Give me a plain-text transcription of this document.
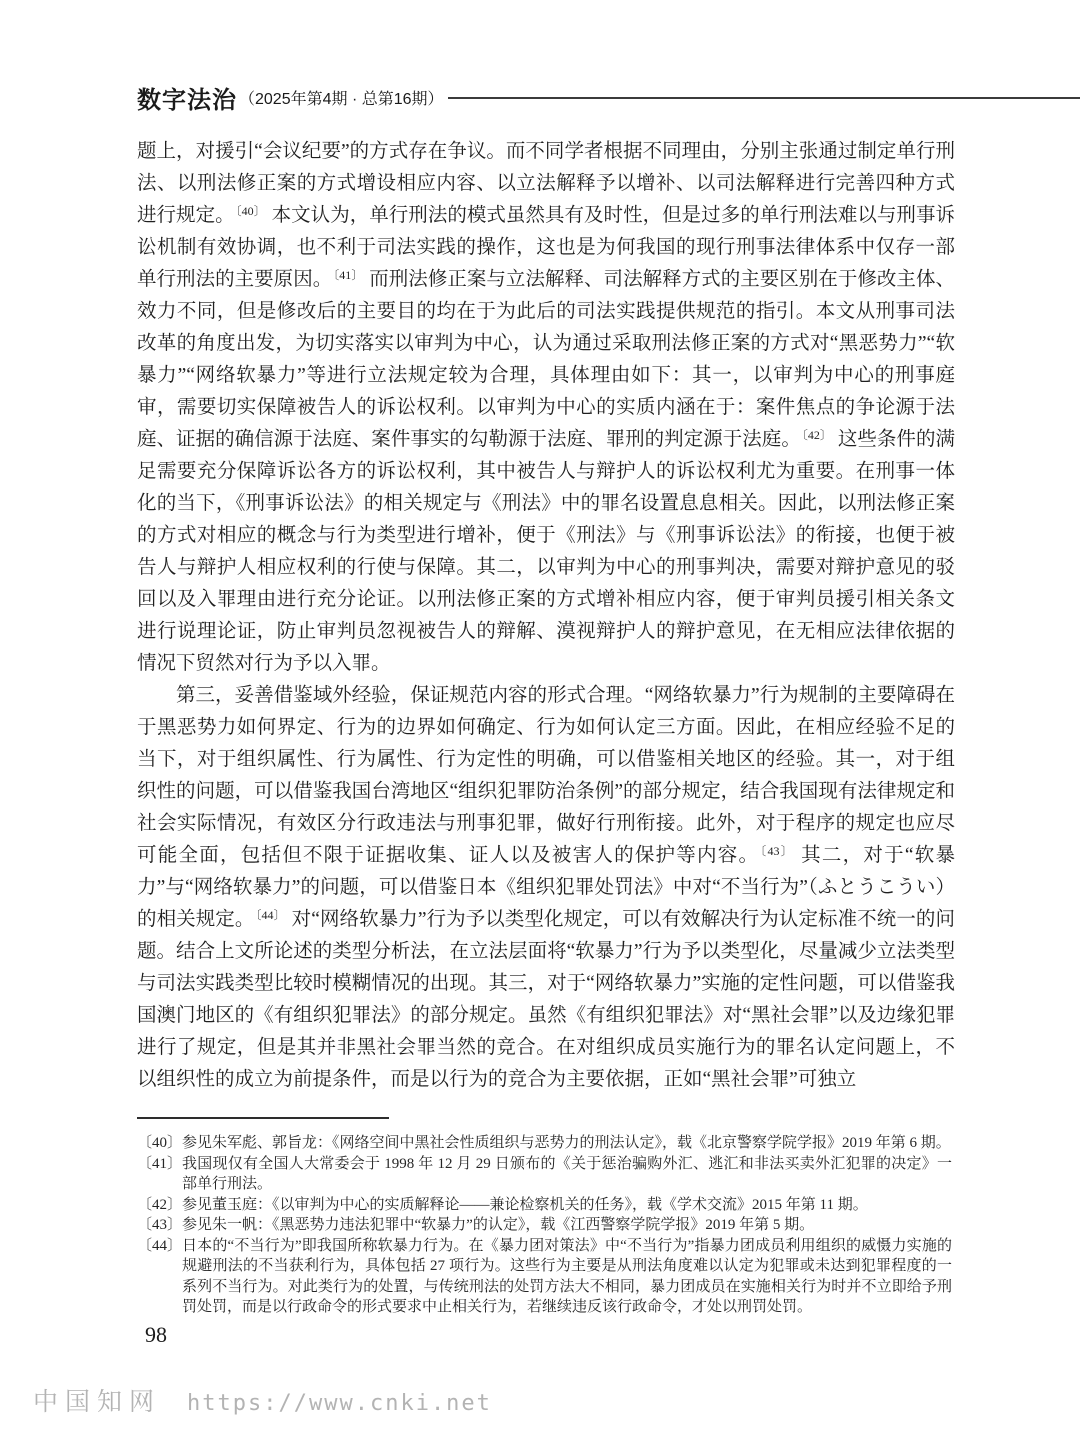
数字法治 （2025年第4期 · 总第16期）

题上，对援引“会议纪要”的方式存在争议。而不同学者根据不同理由，分别主张通过制定单行刑法、以刑法修正案的方式增设相应内容、以立法解释予以增补、以司法解释进行完善四种方式进行规定。$^{〔40〕}$ 本文认为，单行刑法的模式虽然具有及时性，但是过多的单行刑法难以与刑事诉讼机制有效协调，也不利于司法实践的操作，这也是为何我国的现行刑事法律体系中仅存一部单行刑法的主要原因。$^{〔41〕}$ 而刑法修正案与立法解释、司法解释方式的主要区别在于修改主体、效力不同，但是修改后的主要目的均在于为此后的司法实践提供规范的指引。本文从刑事司法改革的角度出发，为切实落实以审判为中心，认为通过采取刑法修正案的方式对“黑恶势力”“软暴力”“网络软暴力”等进行立法规定较为合理，具体理由如下：其一，以审判为中心的刑事庭审，需要切实保障被告人的诉讼权利。以审判为中心的实质内涵在于：案件焦点的争论源于法庭、证据的确信源于法庭、案件事实的勾勒源于法庭、罪刑的判定源于法庭。$^{〔42〕}$ 这些条件的满足需要充分保障诉讼各方的诉讼权利，其中被告人与辩护人的诉讼权利尤为重要。在刑事一体化的当下，《刑事诉讼法》的相关规定与《刑法》中的罪名设置息息相关。因此，以刑法修正案的方式对相应的概念与行为类型进行增补，便于《刑法》与《刑事诉讼法》的衔接，也便于被告人与辩护人相应权利的行使与保障。其二，以审判为中心的刑事判决，需要对辩护意见的驳回以及入罪理由进行充分论证。以刑法修正案的方式增补相应内容，便于审判员援引相关条文进行说理论证，防止审判员忽视被告人的辩解、漠视辩护人的辩护意见，在无相应法律依据的情况下贸然对行为予以入罪。

第三，妥善借鉴域外经验，保证规范内容的形式合理。“网络软暴力”行为规制的主要障碍在于黑恶势力如何界定、行为的边界如何确定、行为如何认定三方面。因此，在相应经验不足的当下，对于组织属性、行为属性、行为定性的明确，可以借鉴相关地区的经验。其一，对于组织性的问题，可以借鉴我国台湾地区“组织犯罪防治条例”的部分规定，结合我国现有法律规定和社会实际情况，有效区分行政违法与刑事犯罪，做好行刑衔接。此外，对于程序的规定也应尽可能全面，包括但不限于证据收集、证人以及被害人的保护等内容。$^{〔43〕}$ 其二，对于“软暴力”与“网络软暴力”的问题，可以借鉴日本《组织犯罪处罚法》中对“不当行为”（ふとうこうい）的相关规定。$^{〔44〕}$ 对“网络软暴力”行为予以类型化规定，可以有效解决行为认定标准不统一的问题。结合上文所论述的类型分析法，在立法层面将“软暴力”行为予以类型化，尽量减少立法类型与司法实践类型比较时模糊情况的出现。其三，对于“网络软暴力”实施的定性问题，可以借鉴我国澳门地区的《有组织犯罪法》的部分规定。虽然《有组织犯罪法》对“黑社会罪”以及边缘犯罪进行了规定，但是其并非黑社会罪当然的竞合。在对组织成员实施行为的罪名认定问题上，不以组织性的成立为前提条件，而是以行为的竞合为主要依据，正如“黑社会罪”可独立

〔40〕 参见朱军彪、郭旨龙：《网络空间中黑社会性质组织与恶势力的刑法认定》，载《北京警察学院学报》2019 年第 6 期。
〔41〕 我国现仅有全国人大常委会于 1998 年 12 月 29 日颁布的《关于惩治骗购外汇、逃汇和非法买卖外汇犯罪的决定》一部单行刑法。
〔42〕 参见董玉庭：《以审判为中心的实质解释论——兼论检察机关的任务》，载《学术交流》2015 年第 11 期。
〔43〕 参见朱一帆：《黑恶势力违法犯罪中“软暴力”的认定》，载《江西警察学院学报》2019 年第 5 期。
〔44〕 日本的“不当行为”即我国所称软暴力行为。在《暴力团对策法》中“不当行为”指暴力团成员利用组织的威慑力实施的规避刑法的不当获利行为，具体包括 27 项行为。这些行为主要是从刑法角度难以认定为犯罪或未达到犯罪程度的一系列不当行为。对此类行为的处置，与传统刑法的处罚方法大不相同，暴力团成员在实施相关行为时并不立即给予刑罚处罚，而是以行政命令的形式要求中止相关行为，若继续违反该行政命令，才处以刑罚处罚。
98
中国知网 https://www.cnki.net
